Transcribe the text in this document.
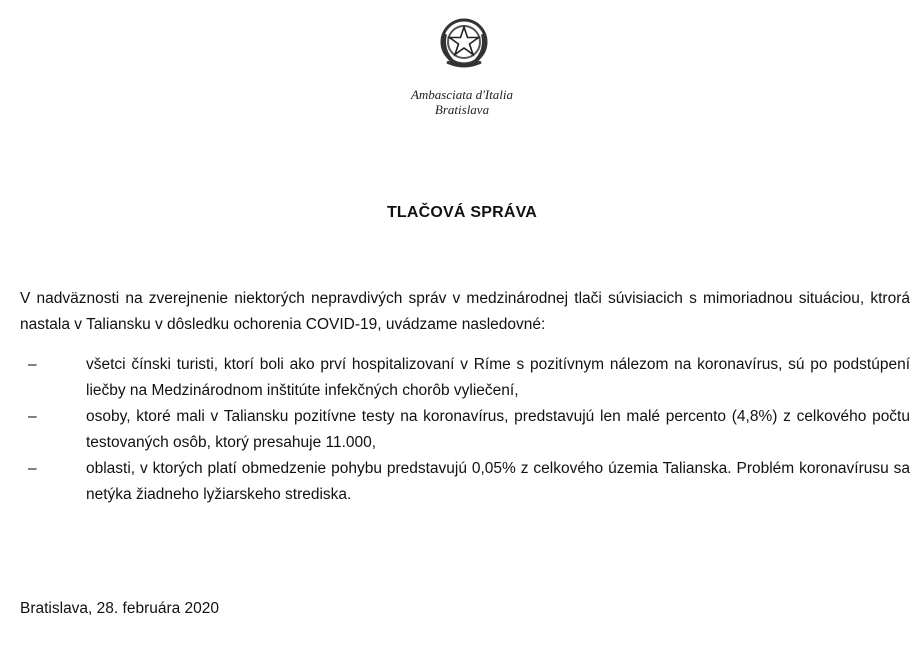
Ambasciata d'Italia
Bratislava
TLAČOVÁ SPRÁVA
V nadväznosti na zverejnenie niektorých nepravdivých správ v medzinárodnej tlači súvisiacich s mimoriadnou situáciou, ktrorá nastala v Taliansku v dôsledku ochorenia COVID-19, uvádzame nasledovné:
–	všetci čínski turisti, ktorí boli ako prví hospitalizovaní v Ríme s pozitívnym nálezom na koronavírus, sú po podstúpení liečby na Medzinárodnom inštitúte infekčných chorôb vyliečení,
–	osoby, ktoré mali v Taliansku pozitívne testy na koronavírus, predstavujú len malé percento (4,8%) z celkového počtu testovaných osôb, ktorý presahuje 11.000,
–	oblasti, v ktorých platí obmedzenie pohybu predstavujú 0,05% z celkového územia Talianska. Problém koronavírusu sa netýka žiadneho lyžiarskeho strediska.
Bratislava, 28. februára 2020
